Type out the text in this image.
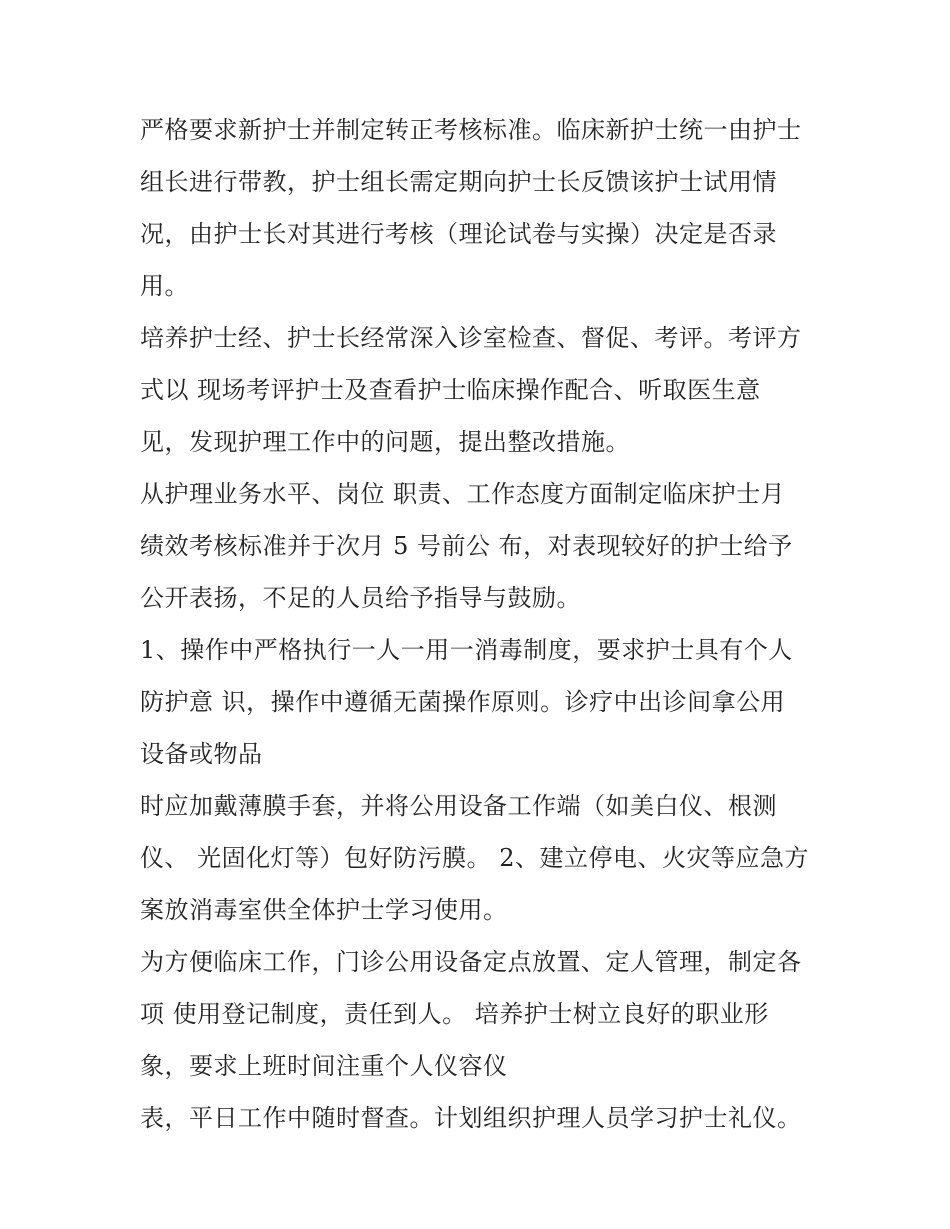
严格要求新护士并制定转正考核标准。临床新护士统一由护士
组长进行带教，护士组长需定期向护士长反馈该护士试用情
况，由护士长对其进行考核（理论试卷与实操）决定是否录
用。
培养护士经、护士长经常深入诊室检查、督促、考评。考评方
式以 现场考评护士及查看护士临床操作配合、听取医生意
见，发现护理工作中的问题，提出整改措施。
从护理业务水平、岗位 职责、工作态度方面制定临床护士月
绩效考核标准并于次月 5 号前公 布，对表现较好的护士给予
公开表扬，不足的人员给予指导与鼓励。
1、操作中严格执行一人一用一消毒制度，要求护士具有个人
防护意 识，操作中遵循无菌操作原则。诊疗中出诊间拿公用
设备或物品
时应加戴薄膜手套，并将公用设备工作端（如美白仪、根测
仪、 光固化灯等）包好防污膜。 2、建立停电、火灾等应急方
案放消毒室供全体护士学习使用。
为方便临床工作，门诊公用设备定点放置、定人管理，制定各
项 使用登记制度，责任到人。 培养护士树立良好的职业形
象，要求上班时间注重个人仪容仪
表，平日工作中随时督查。计划组织护理人员学习护士礼仪。
